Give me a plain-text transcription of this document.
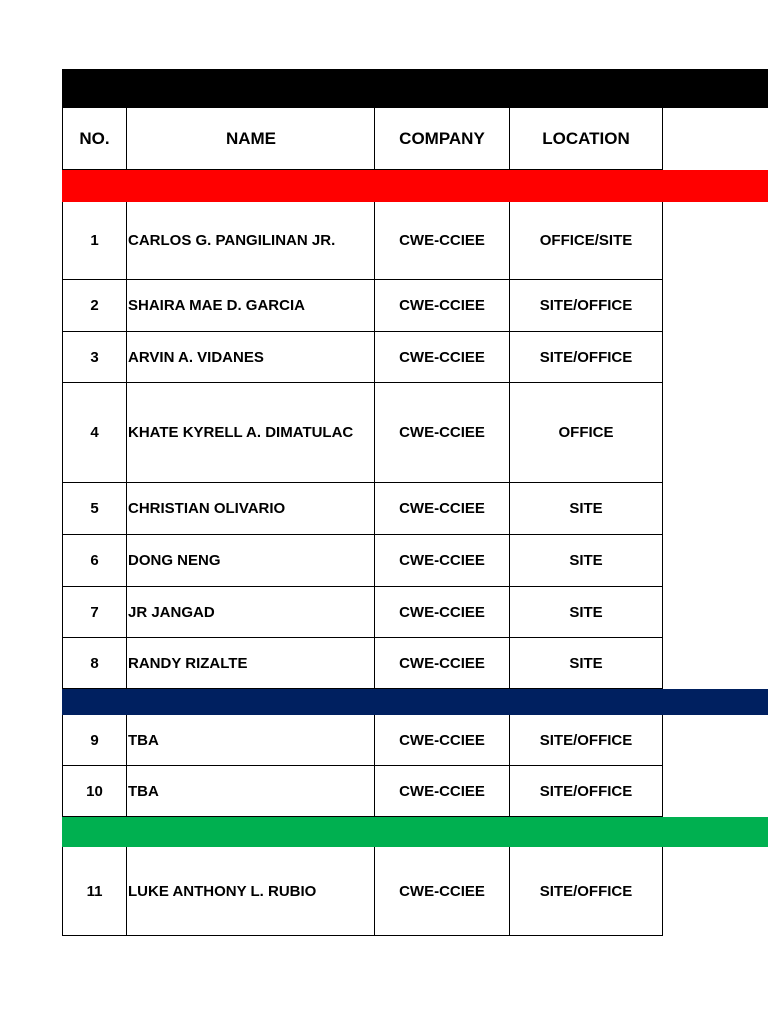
NO.	NAME	COMPANY	LOCATION
1	CARLOS G. PANGILINAN JR.	CWE-CCIEE	OFFICE/SITE
2	SHAIRA MAE D. GARCIA	CWE-CCIEE	SITE/OFFICE
3	ARVIN A. VIDANES	CWE-CCIEE	SITE/OFFICE
4	KHATE KYRELL A. DIMATULAC	CWE-CCIEE	OFFICE
5	CHRISTIAN OLIVARIO	CWE-CCIEE	SITE
6	DONG NENG	CWE-CCIEE	SITE
7	JR JANGAD	CWE-CCIEE	SITE
8	RANDY RIZALTE	CWE-CCIEE	SITE
9	TBA	CWE-CCIEE	SITE/OFFICE
10	TBA	CWE-CCIEE	SITE/OFFICE
11	LUKE ANTHONY L. RUBIO	CWE-CCIEE	SITE/OFFICE
